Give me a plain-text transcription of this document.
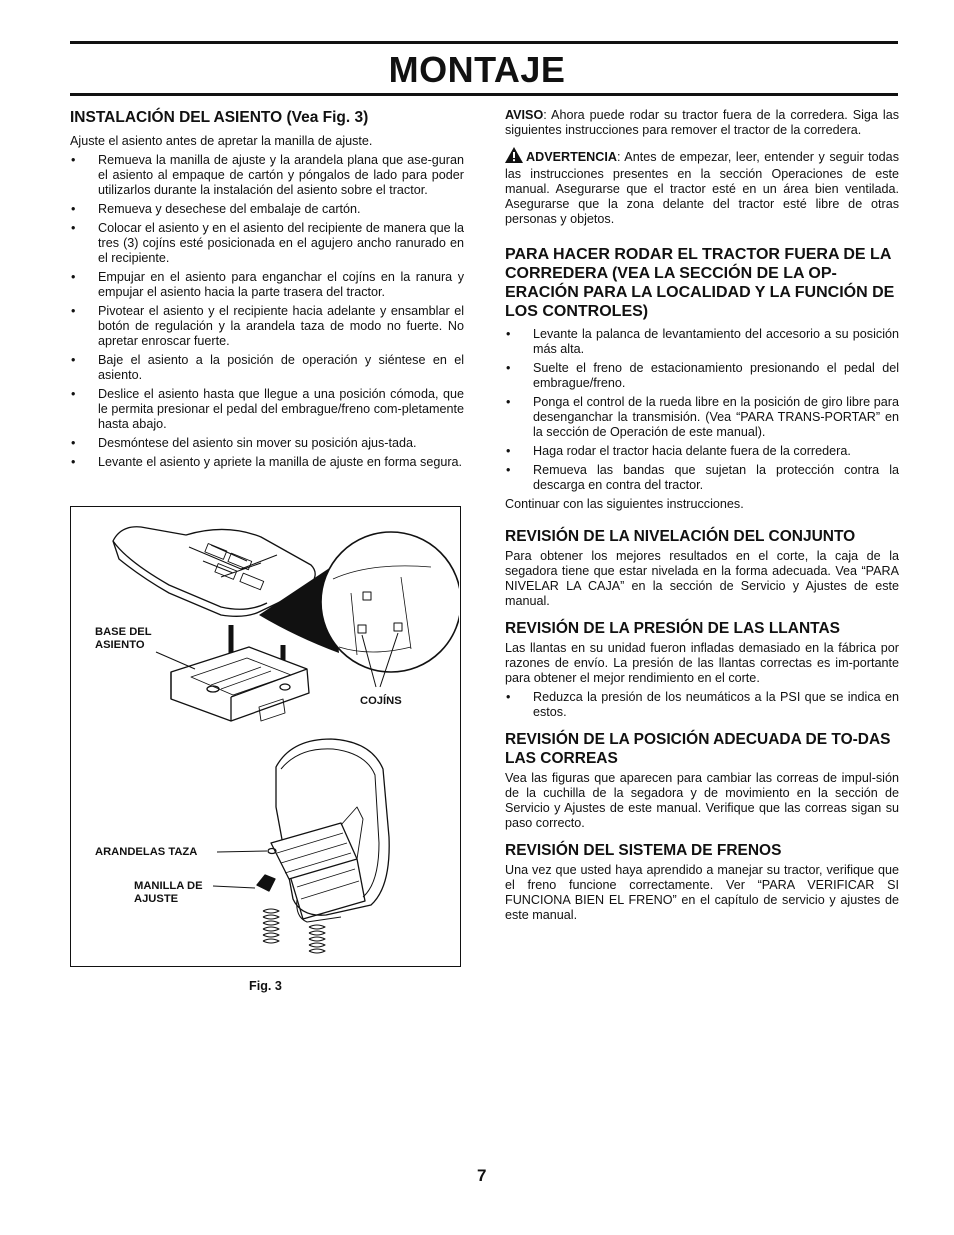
MONTAJE
INSTALACIÓN DEL ASIENTO (Vea Fig. 3)

Ajuste el asiento antes de apretar la manilla de ajuste.

• Remueva la manilla de ajuste y la arandela plana que ase-guran el asiento al empaque de cartón y póngalos de lado para poder utilizarlos durante la instalación del asiento sobre el tractor.
• Remueva y desechese del embalaje de cartón.
• Colocar el asiento y en el asiento del recipiente de manera que la tres (3) cojíns esté posicionada en el agujero ancho ranurado en el recipiente.
• Empujar en el asiento para enganchar el cojíns en la ranura y empujar el asiento hacia la parte trasera del tractor.
• Pivotear el asiento y el recipiente hacia adelante y ensamblar el botón de regulación y la arandela taza de modo no fuerte. No apretar enroscar fuerte.
• Baje el asiento a la posición de operación y siéntese en el asiento.
• Deslice el asiento hasta que llegue a una posición cómoda, que le permita presionar el pedal del embrague/freno com-pletamente hasta abajo.
• Desmóntese del asiento sin mover su posición ajus-tada.
• Levante el asiento y apriete la manilla de ajuste en forma segura.
BASE DEL ASIENTO
COJÍNS
ARANDELAS TAZA
MANILLA DE AJUSTE
Fig. 3

AVISO: Ahora puede rodar su tractor fuera de la corredera. Siga las siguientes instrucciones para remover el tractor de la corredera.

ADVERTENCIA: Antes de empezar, leer, entender y seguir todas las instrucciones presentes en la sección Operaciones de este manual. Asegurarse que el tractor esté en un área bien ventilada. Asegurarse que la zona delante del tractor esté libre de otras personas y objetos.

PARA HACER RODAR EL TRACTOR FUERA DE LA CORREDERA (VEA LA SECCIÓN DE LA OP-ERACIÓN PARA LA LOCALIDAD Y LA FUNCIÓN DE LOS CONTROLES)
• Levante la palanca de levantamiento del accesorio a su posición más alta.
• Suelte el freno de estacionamiento presionando el pedal del embrague/freno.
• Ponga el control de la rueda libre en la posición de giro libre para desenganchar la transmisión. (Vea “PARA TRANS-PORTAR” en la sección de Operación de este manual).
• Haga rodar el tractor hacia delante fuera de la corredera.
• Remueva las bandas que sujetan la protección contra la descarga en contra del tractor.

Continuar con las siguientes instrucciones.

REVISIÓN DE LA NIVELACIÓN DEL CONJUNTO

Para obtener los mejores resultados en el corte, la caja de la segadora tiene que estar nivelada en la forma adecuada. Vea “PARA NIVELAR LA CAJA” en la sección de Servicio y Ajustes de este manual.

REVISIÓN DE LA PRESIÓN DE LAS LLANTAS

Las llantas en su unidad fueron infladas demasiado en la fábrica por razones de envío. La presión de las llantas correctas es im-portante para obtener el mejor rendimiento en el corte.

• Reduzca la presión de los neumáticos a la PSI que se indica en estos.
REVISIÓN DE LA POSICIÓN ADECUADA DE TO-DAS LAS CORREAS

Vea las figuras que aparecen para cambiar las correas de impul-sión de la cuchilla de la segadora y de movimiento en la sección de Servicio y Ajustes de este manual. Verifique que las correas sigan su paso correcto.

REVISIÓN DEL SISTEMA DE FRENOS

Una vez que usted haya aprendido a manejar su tractor, verifique que el freno funcione correctamente. Ver “PARA VERIFICAR SI FUNCIONA BIEN EL FRENO” en el capítulo de servicio y ajustes de este manual.

7
